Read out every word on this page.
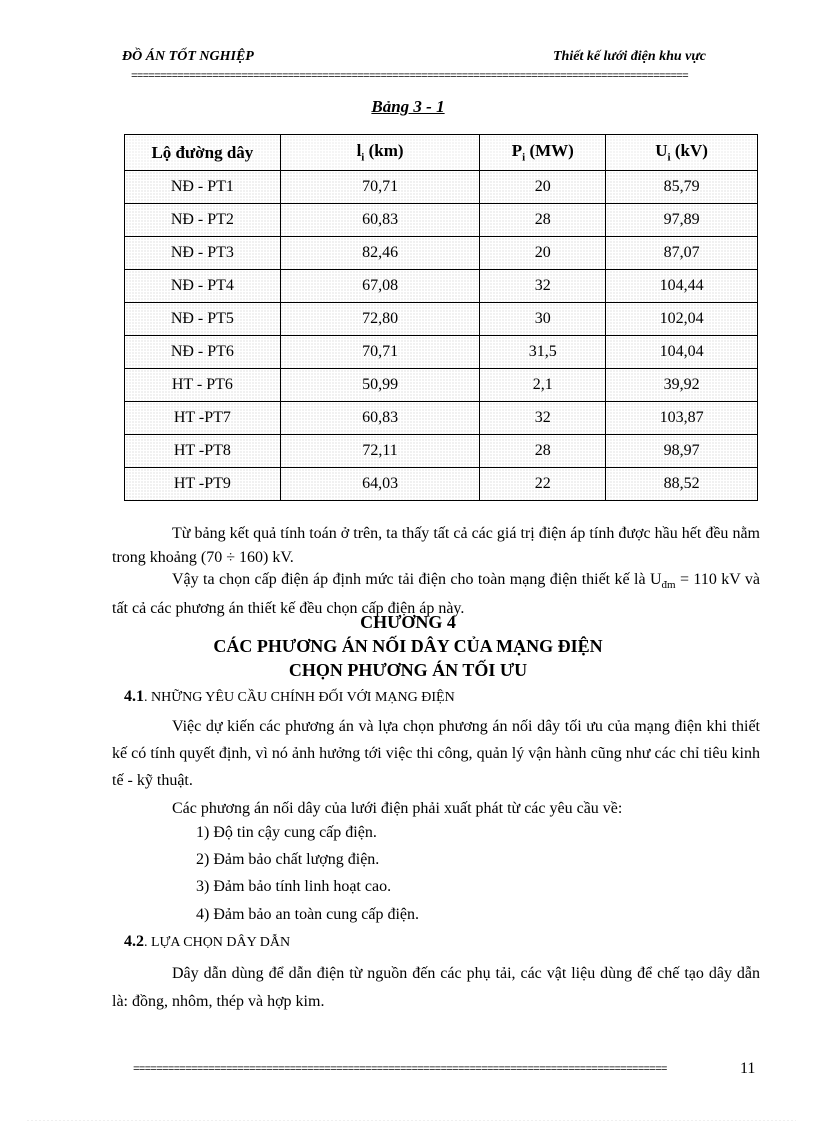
ĐỒ ÁN TỐT NGHIỆP	Thiết kế lưới điện khu vực
================================================================================================
Bảng 3 - 1
Lộ đường dây	$l_i$ (km)	$P_i$ (MW)	$U_i$ (kV)
NĐ - PT1	70,71	20	85,79
NĐ - PT2	60,83	28	97,89
NĐ - PT3	82,46	20	87,07
NĐ - PT4	67,08	32	104,44
NĐ - PT5	72,80	30	102,04
NĐ - PT6	70,71	31,5	104,04
HT - PT6	50,99	2,1	39,92
HT -PT7	60,83	32	103,87
HT -PT8	72,11	28	98,97
HT -PT9	64,03	22	88,52
Từ bảng kết quả tính toán ở trên, ta thấy tất cả các giá trị điện áp tính được hầu hết đều nằm trong khoảng (70 ÷ 160) kV.
Vậy ta chọn cấp điện áp định mức tải điện cho toàn mạng điện thiết kế là $U_{đm} = 110$ kV và tất cả các phương án thiết kế đều chọn cấp điện áp này.
CHƯƠNG 4
CÁC PHƯƠNG ÁN NỐI DÂY CỦA MẠNG ĐIỆN
CHỌN PHƯƠNG ÁN TỐI ƯU
4.1. NHỮNG YÊU CẦU CHÍNH ĐỐI VỚI MẠNG ĐIỆN
Việc dự kiến các phương án và lựa chọn phương án nối dây tối ưu của mạng điện khi thiết kế có tính quyết định, vì nó ảnh hưởng tới việc thi công, quản lý vận hành cũng như các chỉ tiêu kinh tế - kỹ thuật.
Các phương án nối dây của lưới điện phải xuất phát từ các yêu cầu về:
1) Độ tin cậy cung cấp điện.
2) Đảm bảo chất lượng điện.
3) Đảm bảo tính linh hoạt cao.
4) Đảm bảo an toàn cung cấp điện.
4.2. LỰA CHỌN DÂY DẪN
Dây dẫn dùng để dẫn điện từ nguồn đến các phụ tải, các vật liệu dùng để chế tạo dây dẫn là: đồng, nhôm, thép và hợp kim.
============================================================================================	11
